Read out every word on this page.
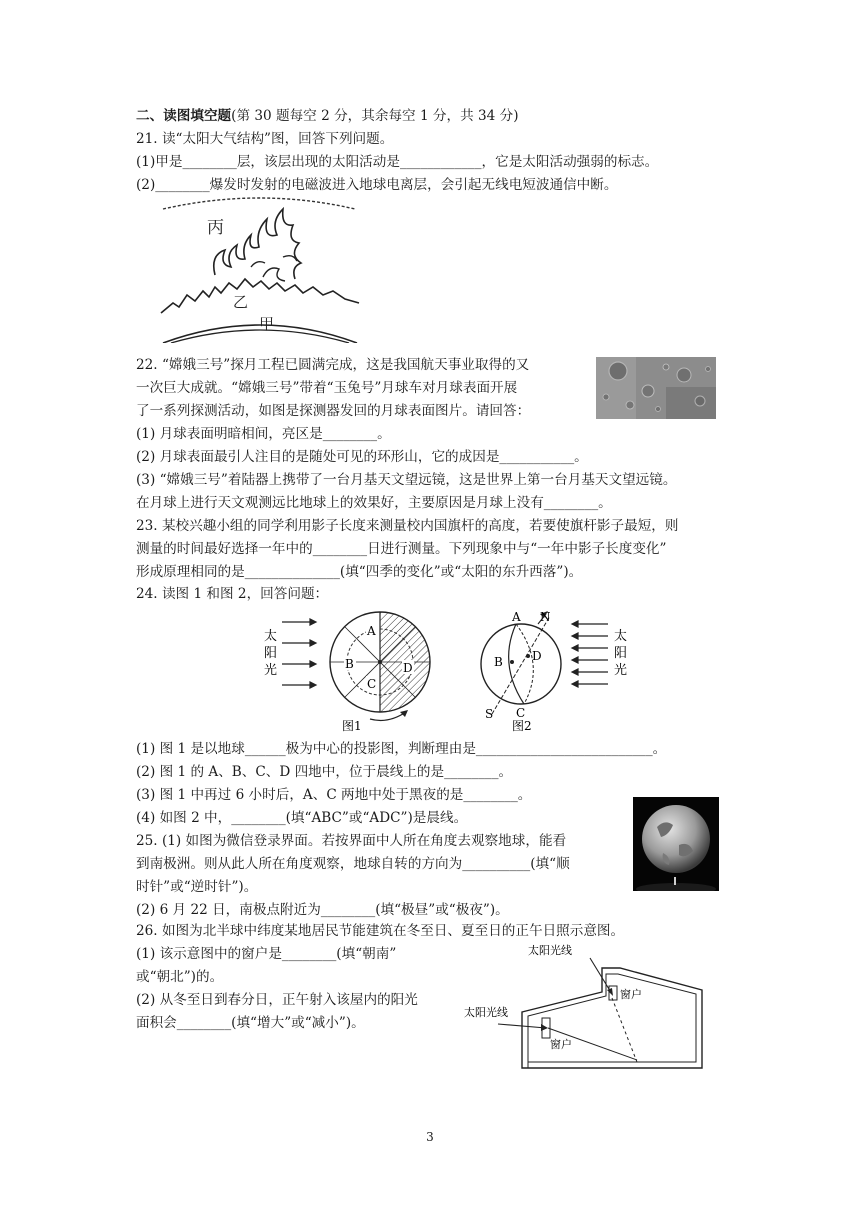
二、读图填空题(第 30 题每空 2 分，其余每空 1 分，共 34 分)
21. 读“太阳大气结构”图，回答下列问题。
(1)甲是________层，该层出现的太阳活动是____________，它是太阳活动强弱的标志。
(2)________爆发时发射的电磁波进入地球电离层，会引起无线电短波通信中断。
丙
乙
甲
22. “嫦娥三号”探月工程已圆满完成，这是我国航天事业取得的又
一次巨大成就。“嫦娥三号”带着“玉兔号”月球车对月球表面开展
了一系列探测活动，如图是探测器发回的月球表面图片。请回答：
(1) 月球表面明暗相间，亮区是________。
(2) 月球表面最引人注目的是随处可见的环形山，它的成因是___________。
(3) “嫦娥三号”着陆器上携带了一台月基天文望远镜，这是世界上第一台月基天文望远镜。
在月球上进行天文观测远比地球上的效果好，主要原因是月球上没有________。
23. 某校兴趣小组的同学利用影子长度来测量校内国旗杆的高度，若要使旗杆影子最短，则
测量的时间最好选择一年中的________日进行测量。下列现象中与“一年中影子长度变化”
形成原理相同的是______________(填“四季的变化”或“太阳的东升西落”)。
24. 读图 1 和图 2，回答问题：
太
阳
光
A
B
C
D
图1
A N
B D
C
S
太
阳
光
图2
(1) 图 1 是以地球______极为中心的投影图，判断理由是__________________________。
(2) 图 1 的 A、B、C、D 四地中，位于晨线上的是________。
(3) 图 1 中再过 6 小时后，A、C 两地中处于黑夜的是________。
(4) 如图 2 中，________(填“ABC”或“ADC”)是晨线。
25. (1) 如图为微信登录界面。若按界面中人所在角度去观察地球，能看
到南极洲。则从此人所在角度观察，地球自转的方向为__________(填“顺
时针”或“逆时针”)。
(2) 6 月 22 日，南极点附近为________(填“极昼”或“极夜”)。
26. 如图为北半球中纬度某地居民节能建筑在冬至日、夏至日的正午日照示意图。
(1) 该示意图中的窗户是________(填“朝南”
或“朝北”)的。
(2) 从冬至日到春分日，正午射入该屋内的阳光
面积会________(填“增大”或“减小”)。
太阳光线
太阳光线
窗户
窗户
3
